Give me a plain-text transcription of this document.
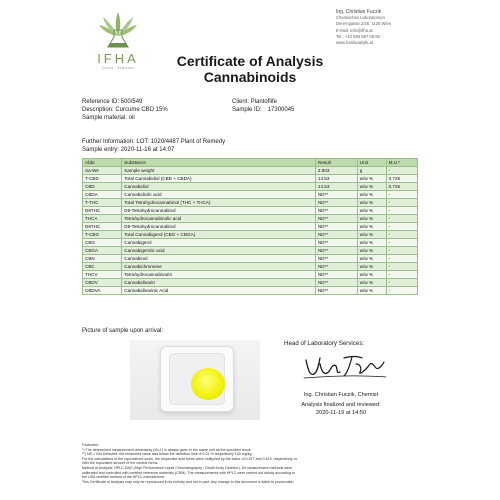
IFHA
Canna · Terpenes
Ing. Christian Fuczik
Chemisches Laboratorium
Deremgasse 2/46, 1120 Wien
E-Mail: info@ifha.at
Tel.: +43 660 867 08 65
www.hanfanalytik.at
Certificate of Analysis
Cannabinoids
Reference ID: 500/549
Description: Curcume CBD 15%
Sample material: oil
Client: Plantoflife
Sample ID: 17300045
Further Information: LOT: 1020/4487 Plant of Remedy
Sample entry: 2020-11-16 at 14:07
Abbr.	Substance	Result	Unit	M.U.*
Sa-We	Sample weight	3.503	g	-
T-CBD	Total Cannabidiol (CBD + CBDA)	14.53	w/w %	0.726
CBD	Cannabidiol	14.53	w/w %	0.726
CBDA	Cannabidiolic acid	ND**	w/w %	-
T-THC	Total Tetrahydrocannabinol (THC + THCA)	ND**	w/w %	-
D9THC	D9-Tetrahydrocannabinol	ND**	w/w %	-
THCA	Tetrahydrocannabinolic acid	ND**	w/w %	-
D8THC	D8-Tetrahydrocannabinol	ND**	w/w %	-
T-CBG	Total Cannabigerol (CBG + CBGA)	ND**	w/w %	-
CBG	Cannabigerol	ND**	w/w %	-
CBGA	Cannabigerolic acid	ND**	w/w %	-
CBN	Cannabinol	ND**	w/w %	-
CBC	Cannabichromene	ND**	w/w %	-
THCV	Tetrahydrocannabivarin	ND**	w/w %	-
CBDV	Cannabidivarin	ND**	w/w %	-
CBDVA	Cannabidivarinic Acid	ND**	w/w %	-
Picture of sample upon arrival:
Head of Laboratory Services:
Ing. Christian Fuczik, Chemist
Analysis finalized and reviewed:
2020-11-19 at 14:50
Footnotes:
*) The determined measurement uncertainty (M.U.) is always given in the same unit as the specified result.
**) ND = Not Detected: the measured value was below the detection limit of 0.01 % respectively 100 mg/kg.
For the calculations of the equivalence sums, the respective acid forms were multiplied by the factor of 0.877 and 0.878, respectively, to
infer the equivalent amount of the neutral forms.
Method of Analysis: HPLC-DAD (High Performance Liquid Chromatography - Diode Array Detector). All measurement methods were
calibrated and controlled with certified reference materials (CRM). The measurements with HPLC were carried out strictly according to
the USA certified method of the HPLC manufacturer.
This Certificate of Analysis may only be reproduced in its entirety and not in part. Any change to this document is liable to prosecution
